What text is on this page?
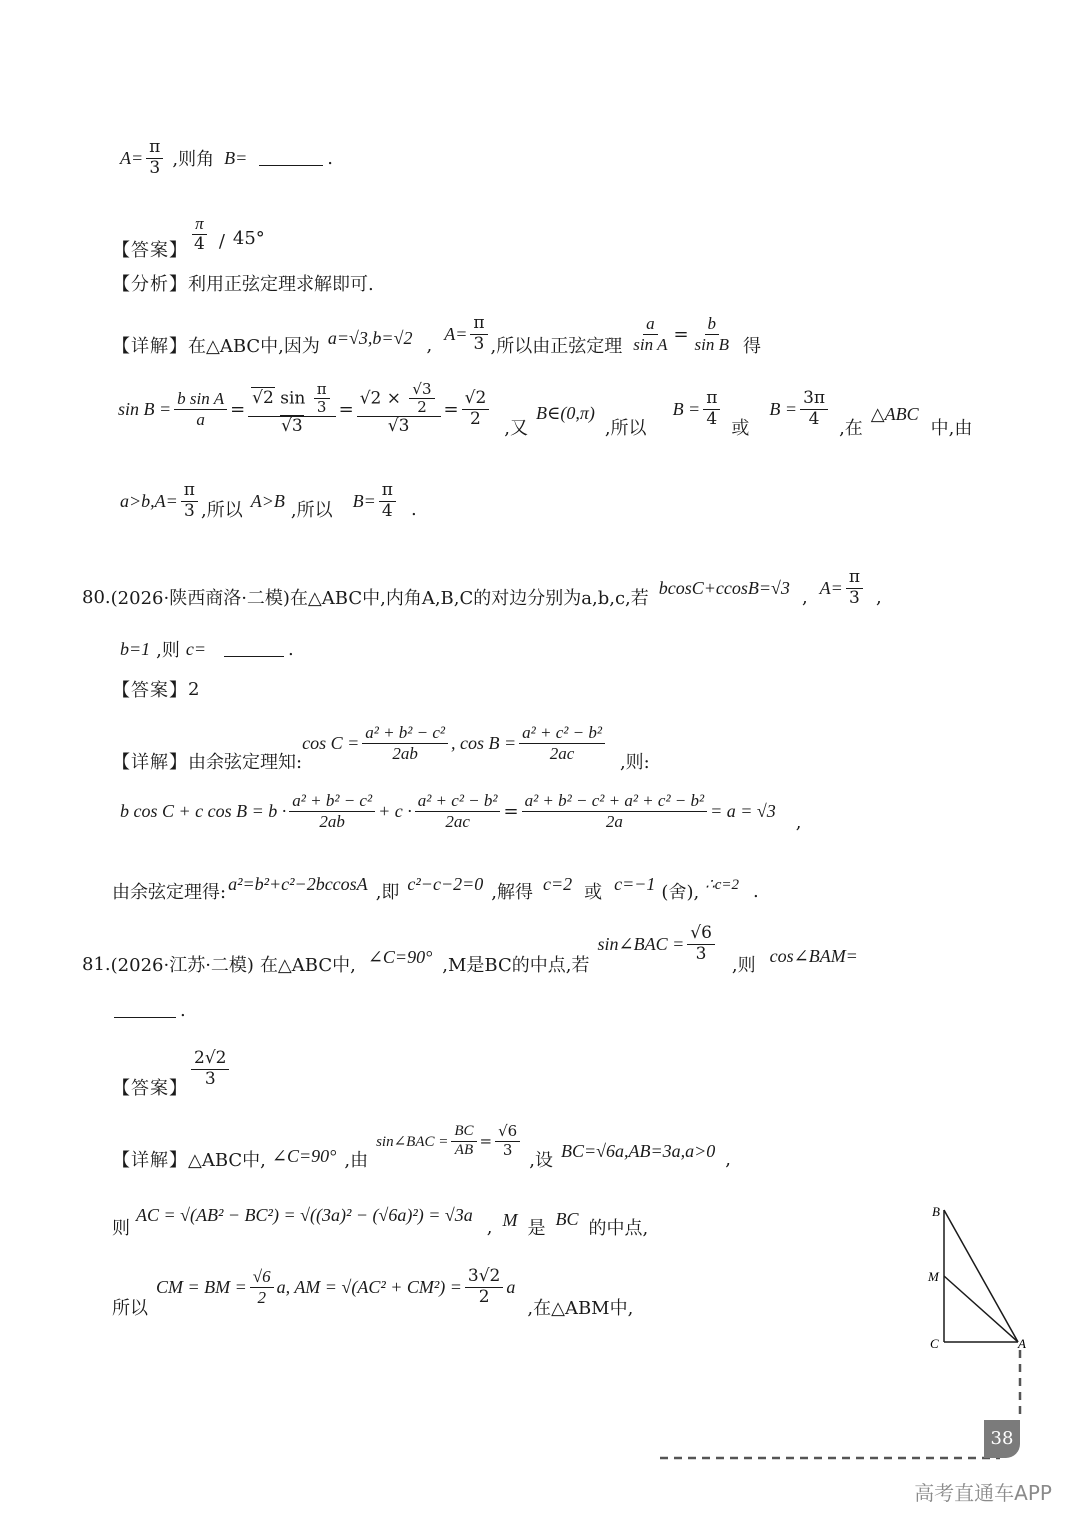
$A= \frac{\pi}{3}$ ,则角 B=	.
【答案】 $\frac{\pi}{4} / 45^\circ$
【分析】 利用正弦定理求解即可.
【详解】 在△ABC中,因为 a=√3,b=√2 ,
$A= \frac{\pi}{3}$ ,所以由正弦定理 $\frac{a}{\text{sin A}} = \frac{b}{\text{sin B}}$ 得
$\sin B = \frac{\text{b sin A}}{a} = \frac{√2 \sin \frac{\pi}{3}}{√3} = \frac{√2 \times \frac{√3}{2}}{√3} = \frac{√2}{2}$ ,又
B∈(0,π)
,所以
$B = \frac{\pi}{4}$ 或
$B = \frac{3\pi}{4}$ ,在
△ABC
中,由
$a>b,A= \frac{\pi}{3}$ ,所以 A>B ,所以 $B= \frac{\pi}{4}$ .
80. (2026·陕西商洛·二模) 在△ABC中,内角A,B,C的对边分别为a,b,c,若
bcosC+ccosB=√3 , $A= \frac{\pi}{3}$ ,
b=1 ,则 c=	.
【答案】 2
【详解】 由余弦定理知:
$\cos C = \frac{\text{a² + b² − c²}}{2ab}$ , $\cos B = \frac{\text{a² + c² − b²}}{2ac}$ ,则:
b cos C + c $\cos B = b \cdot \frac{\text{a² + b² − c²}}{2ab} + c \cdot \frac{\text{a² + c² − b²}}{2ac} = \frac{\text{a² + b² − c² + a² + c² − b²}}{2a} = a = √3$
,
由余弦定理得: a²=b²+c²−2bccosA ,即 c²−c−2=0 ,解得 c=2 或 c=−1 (舍), ∴c=2 .
81. (2026·江苏·二模) 在△ABC中, ∠C=90° ,M是BC的中点,若
sin∠BAC = $\frac{√6}{3}$
,则 cos∠BAM=
.
【答案】 $\frac{2√2}{3}$
【详解】 △ABC中, ∠C=90° ,由
sin∠BAC = $\frac{BC}{AB} = \frac{√6}{3}$
,设 BC=√6a,AB=3a,a>0 ,
则
AC = √(AB² − BC²) = √((3a)² − (√6a)²) = √3a
, M 是 BC 的中点,
所以
CM = BM = $\frac{√6}{2} a$, AM = $√(AC^2 + CM^2) = \frac{3√2}{2}$ a
,在△ABM中,
B
M
C	A
38
高考直通车APP
